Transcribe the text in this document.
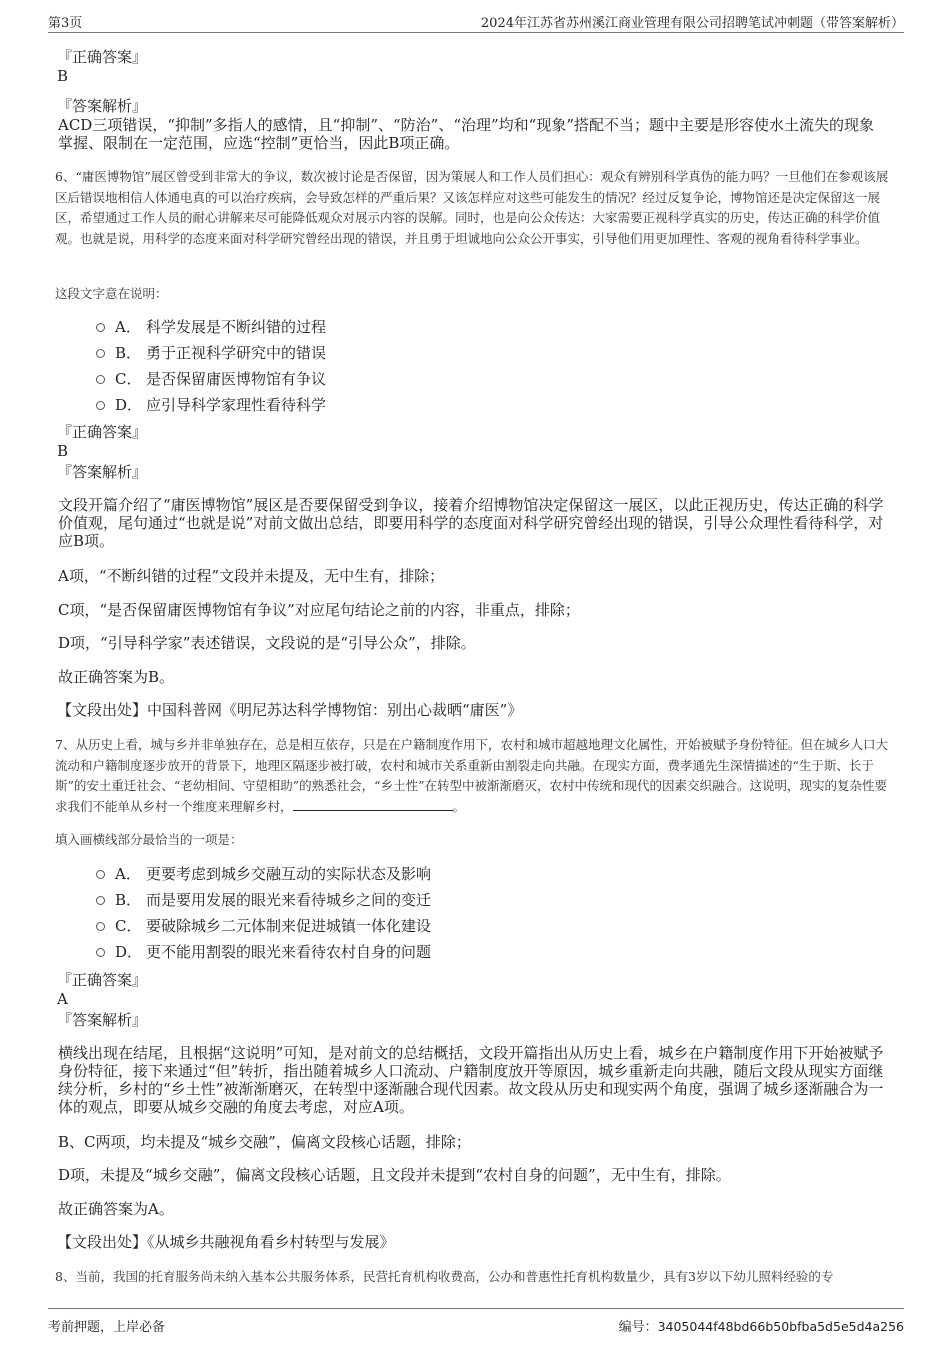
第3页	2024年江苏省苏州溪江商业管理有限公司招聘笔试冲刺题（带答案解析）
『正确答案』
B
『答案解析』
ACD三项错误，“抑制”多指人的感情，且“抑制”、“防治”、“治理”均和“现象”搭配不当；题中主要是形容使水土流失的现象掌握、限制在一定范围，应选“控制”更恰当，因此B项正确。
6、“庸医博物馆”展区曾受到非常大的争议，数次被讨论是否保留，因为策展人和工作人员们担心：观众有辨别科学真伪的能力吗？一旦他们在参观该展区后错误地相信人体通电真的可以治疗疾病，会导致怎样的严重后果？又该怎样应对这些可能发生的情况？经过反复争论，博物馆还是决定保留这一展区，希望通过工作人员的耐心讲解来尽可能降低观众对展示内容的误解。同时，也是向公众传达：大家需要正视科学真实的历史，传达正确的科学价值观。也就是说，用科学的态度来面对科学研究曾经出现的错误，并且勇于坦诚地向公众公开事实，引导他们用更加理性、客观的视角看待科学事业。
这段文字意在说明：
A． 科学发展是不断纠错的过程
B． 勇于正视科学研究中的错误
C． 是否保留庸医博物馆有争议
D． 应引导科学家理性看待科学
『正确答案』
B
『答案解析』
文段开篇介绍了“庸医博物馆”展区是否要保留受到争议，接着介绍博物馆决定保留这一展区，以此正视历史，传达正确的科学价值观，尾句通过“也就是说”对前文做出总结，即要用科学的态度面对科学研究曾经出现的错误，引导公众理性看待科学，对应B项。
A项，“不断纠错的过程”文段并未提及，无中生有，排除；
C项，“是否保留庸医博物馆有争议”对应尾句结论之前的内容，非重点，排除；
D项，“引导科学家”表述错误，文段说的是“引导公众”，排除。
故正确答案为B。
【文段出处】中国科普网《明尼苏达科学博物馆：别出心裁晒“庸医”》
7、从历史上看，城与乡并非单独存在，总是相互依存，只是在户籍制度作用下，农村和城市超越地理文化属性，开始被赋予身份特征。但在城乡人口大流动和户籍制度逐步放开的背景下，地理区隔逐步被打破，农村和城市关系重新由割裂走向共融。在现实方面，费孝通先生深情描述的“生于斯、长于斯”的安土重迁社会、“老幼相间、守望相助”的熟悉社会，“乡土性”在转型中被渐渐磨灭，农村中传统和现代的因素交织融合。这说明，现实的复杂性要求我们不能单从乡村一个维度来理解乡村，	。
填入画横线部分最恰当的一项是：
A． 更要考虑到城乡交融互动的实际状态及影响
B． 而是要用发展的眼光来看待城乡之间的变迁
C． 要破除城乡二元体制来促进城镇一体化建设
D． 更不能用割裂的眼光来看待农村自身的问题
『正确答案』
A
『答案解析』
横线出现在结尾，且根据“这说明”可知，是对前文的总结概括，文段开篇指出从历史上看，城乡在户籍制度作用下开始被赋予身份特征，接下来通过“但”转折，指出随着城乡人口流动、户籍制度放开等原因，城乡重新走向共融，随后文段从现实方面继续分析，乡村的“乡土性”被渐渐磨灭，在转型中逐渐融合现代因素。故文段从历史和现实两个角度，强调了城乡逐渐融合为一体的观点，即要从城乡交融的角度去考虑，对应A项。
B、C两项，均未提及“城乡交融”，偏离文段核心话题，排除；
D项，未提及“城乡交融”，偏离文段核心话题，且文段并未提到“农村自身的问题”，无中生有，排除。
故正确答案为A。
【文段出处】《从城乡共融视角看乡村转型与发展》
8、当前，我国的托育服务尚未纳入基本公共服务体系，民营托育机构收费高，公办和普惠性托育机构数量少，具有3岁以下幼儿照料经验的专
考前押题，上岸必备	编号：3405044f48bd66b50bfba5d5e5d4a256
